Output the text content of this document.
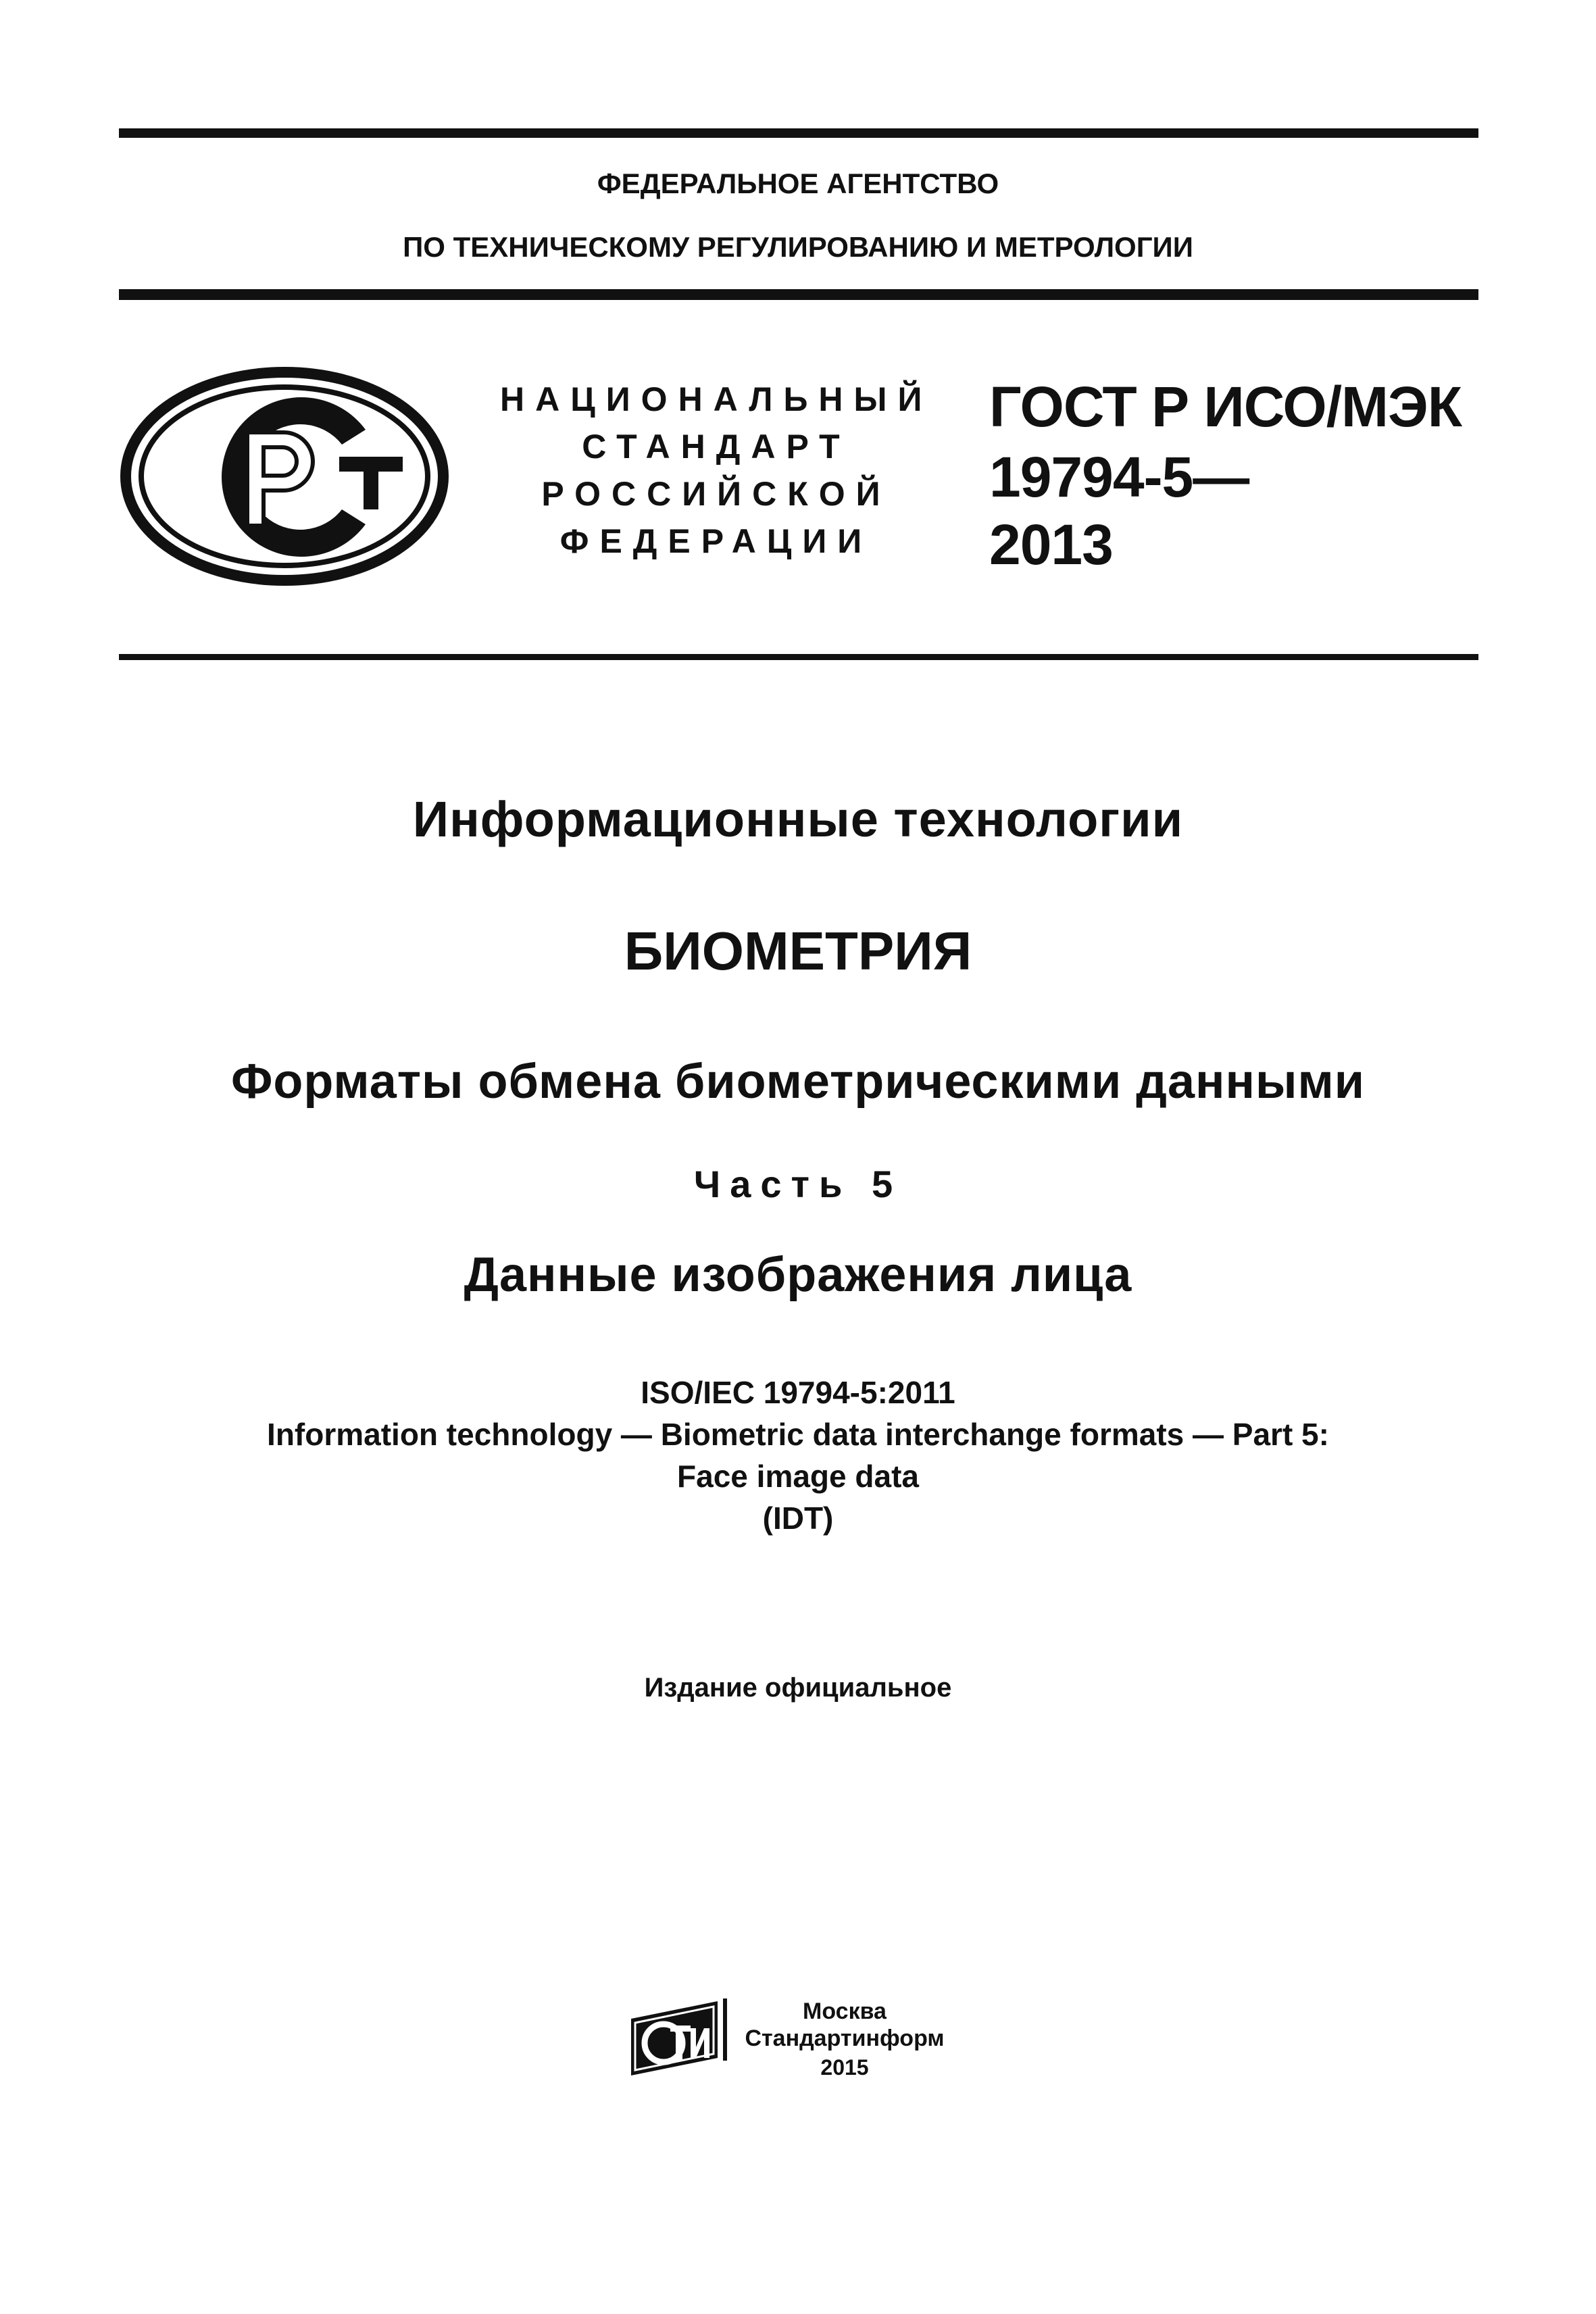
ФЕДЕРАЛЬНОЕ АГЕНТСТВО
ПО ТЕХНИЧЕСКОМУ РЕГУЛИРОВАНИЮ И МЕТРОЛОГИИ
НАЦИОНАЛЬНЫЙ
СТАНДАРТ
РОССИЙСКОЙ
ФЕДЕРАЦИИ
ГОСТ Р ИСО/МЭК
19794-5—
2013
Информационные технологии
БИОМЕТРИЯ
Форматы обмена биометрическими данными
Часть 5
Данные изображения лица
ISO/IEC 19794-5:2011
Information technology — Biometric data interchange formats — Part 5:
Face image data
(IDT)
Издание официальное
Москва
Стандартинформ
2015
